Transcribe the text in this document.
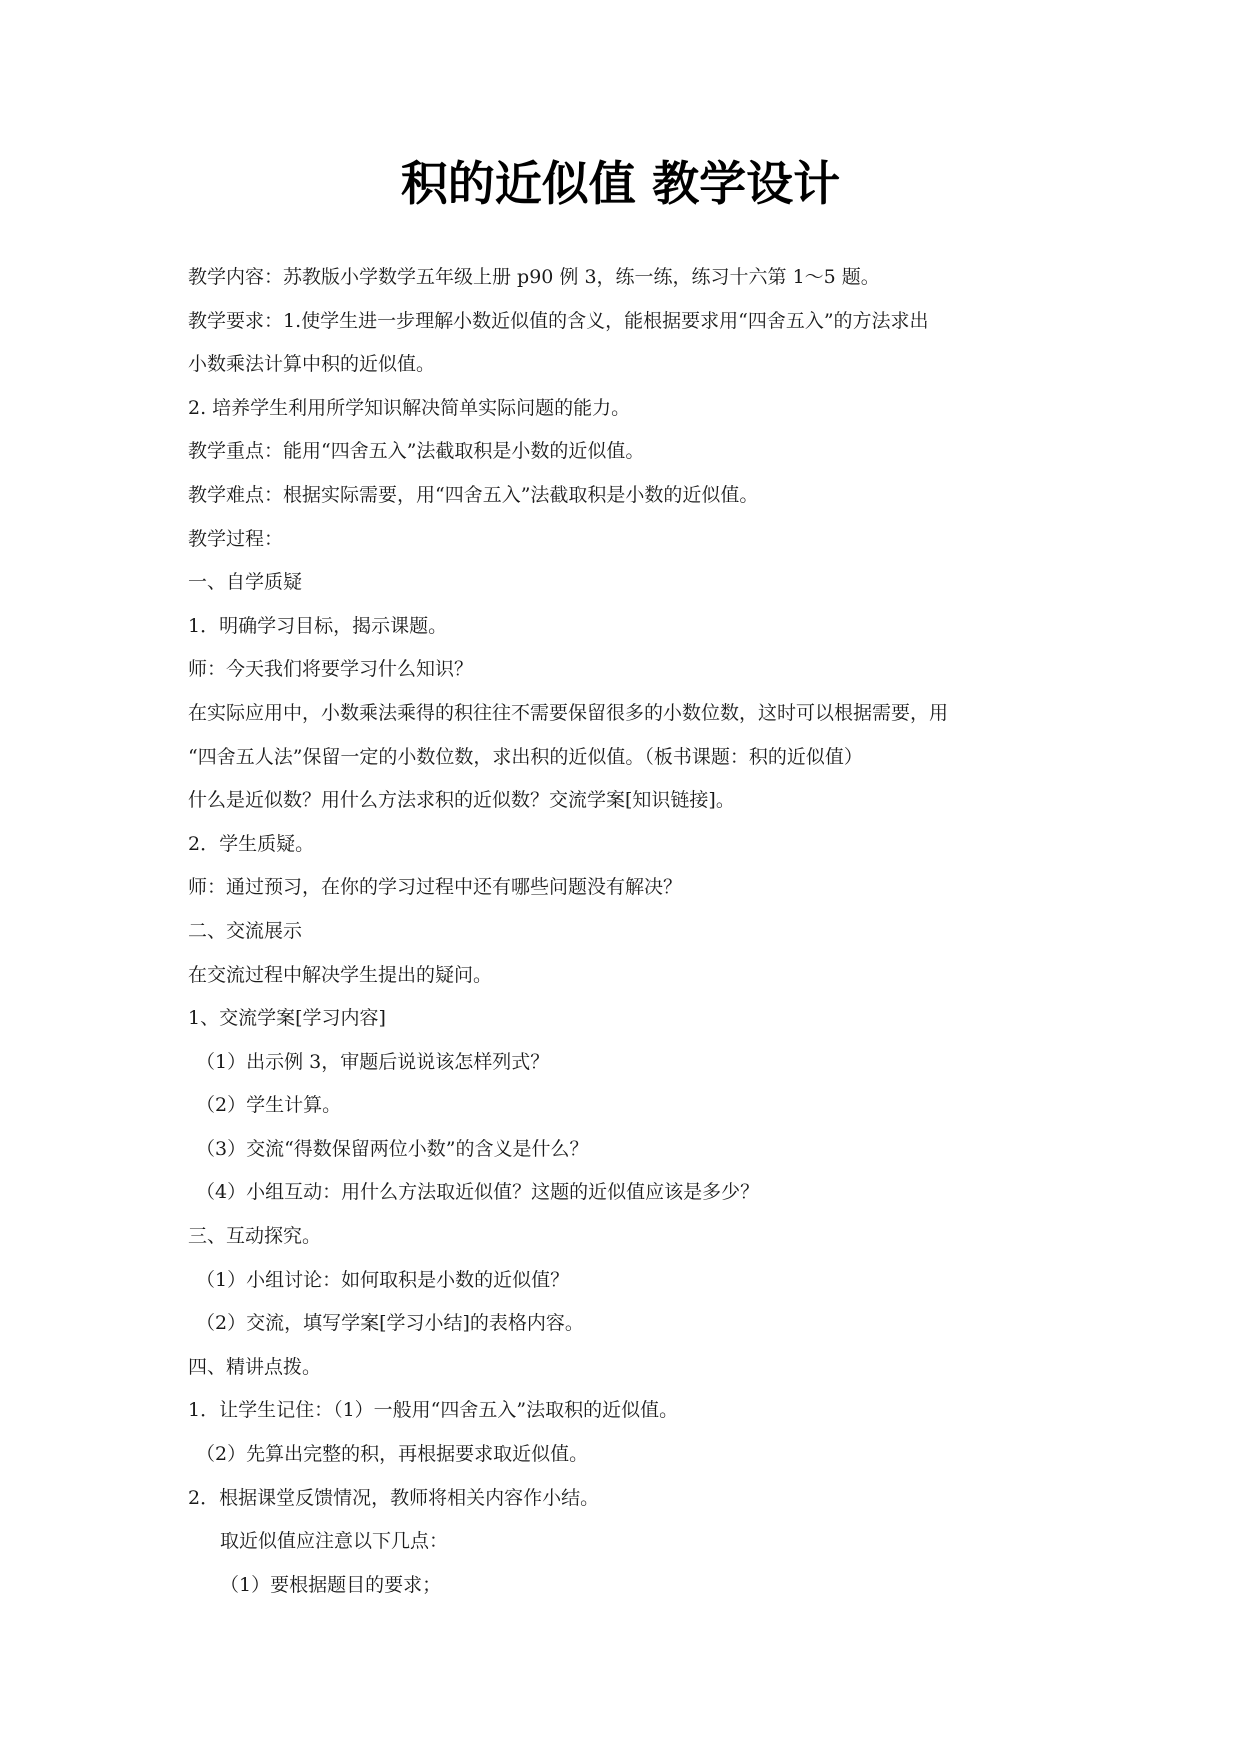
积的近似值 教学设计

教学内容：苏教版小学数学五年级上册 p90 例 3，练一练，练习十六第 1～5 题。

教学要求：1.使学生进一步理解小数近似值的含义，能根据要求用“四舍五入”的方法求出

小数乘法计算中积的近似值。

2. 培养学生利用所学知识解决简单实际问题的能力。

教学重点：能用“四舍五入”法截取积是小数的近似值。

教学难点：根据实际需要，用“四舍五入”法截取积是小数的近似值。

教学过程：

一、自学质疑

1．明确学习目标，揭示课题。

师：今天我们将要学习什么知识？

在实际应用中，小数乘法乘得的积往往不需要保留很多的小数位数，这时可以根据需要，用

“四舍五人法”保留一定的小数位数，求出积的近似值。（板书课题：积的近似值）

什么是近似数？用什么方法求积的近似数？交流学案[知识链接]。

2．学生质疑。

师：通过预习，在你的学习过程中还有哪些问题没有解决？

二、交流展示

在交流过程中解决学生提出的疑问。

1、交流学案[学习内容]

（1）出示例 3，审题后说说该怎样列式？

（2）学生计算。

（3）交流“得数保留两位小数”的含义是什么？

（4）小组互动：用什么方法取近似值？这题的近似值应该是多少？

三、互动探究。

（1）小组讨论：如何取积是小数的近似值？

（2）交流，填写学案[学习小结]的表格内容。

四、精讲点拨。

1．让学生记住：（1）一般用“四舍五入”法取积的近似值。

（2）先算出完整的积，再根据要求取近似值。

2．根据课堂反馈情况，教师将相关内容作小结。

取近似值应注意以下几点：

（1）要根据题目的要求；
